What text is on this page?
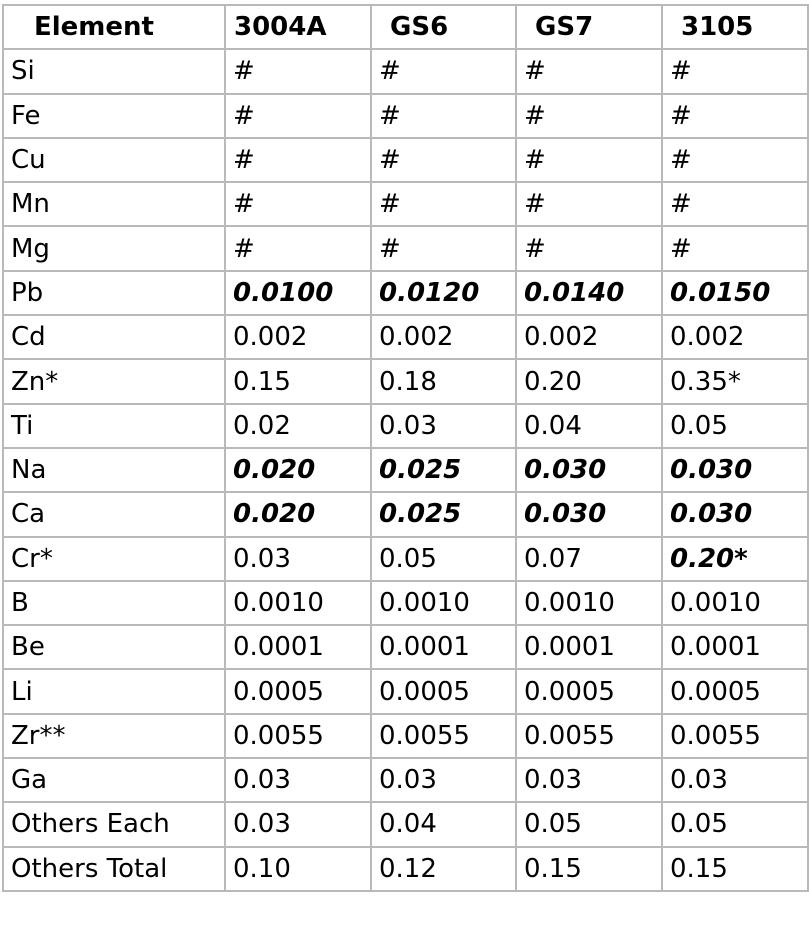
Element	3004A	GS6	GS7	3105
Si	#	#	#	#
Fe	#	#	#	#
Cu	#	#	#	#
Mn	#	#	#	#
Mg	#	#	#	#
Pb	0.0100	0.0120	0.0140	0.0150
Cd	0.002	0.002	0.002	0.002
Zn*	0.15	0.18	0.20	0.35*
Ti	0.02	0.03	0.04	0.05
Na	0.020	0.025	0.030	0.030
Ca	0.020	0.025	0.030	0.030
Cr*	0.03	0.05	0.07	0.20*
B	0.0010	0.0010	0.0010	0.0010
Be	0.0001	0.0001	0.0001	0.0001
Li	0.0005	0.0005	0.0005	0.0005
Zr**	0.0055	0.0055	0.0055	0.0055
Ga	0.03	0.03	0.03	0.03
Others Each	0.03	0.04	0.05	0.05
Others Total	0.10	0.12	0.15	0.15
